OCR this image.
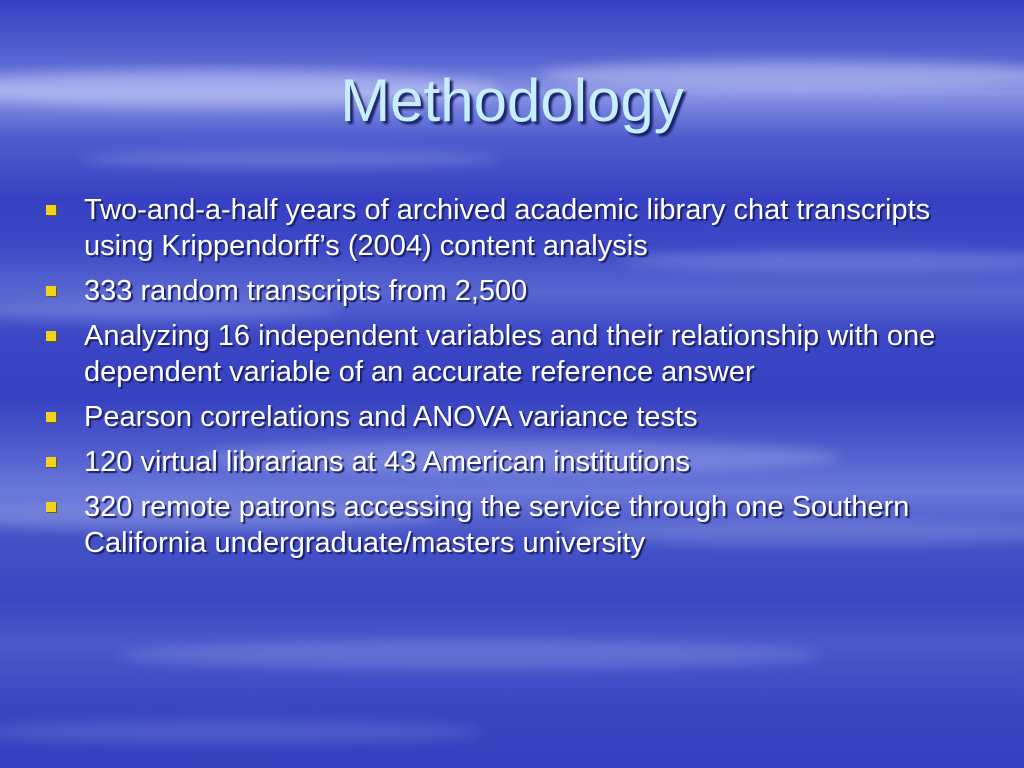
Methodology
Two-and-a-half years of archived academic library chat transcripts using Krippendorff’s (2004) content analysis
333 random transcripts from 2,500
Analyzing 16 independent variables and their relationship with one dependent variable of an accurate reference answer
Pearson correlations and ANOVA variance tests
120 virtual librarians at 43 American institutions
320 remote patrons accessing the service through one Southern California undergraduate/masters university
